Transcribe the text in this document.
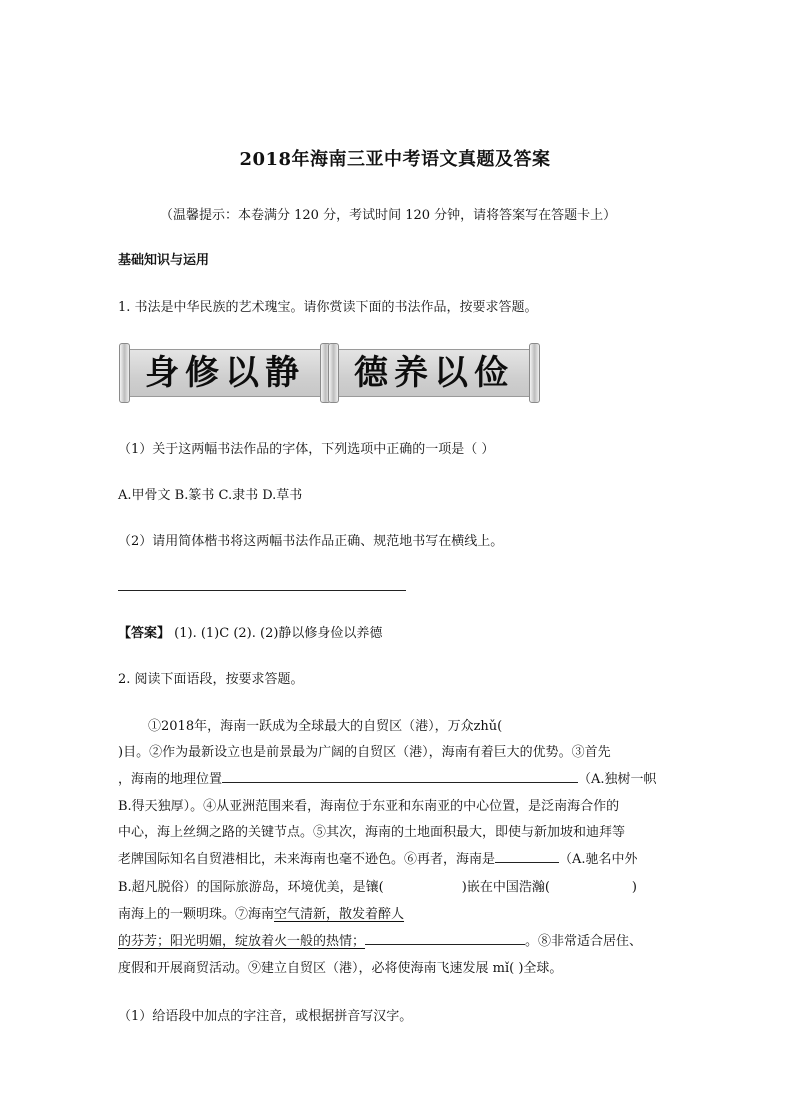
2018年海南三亚中考语文真题及答案
（温馨提示：本卷满分 120 分，考试时间 120 分钟，请将答案写在答题卡上）
基础知识与运用
1. 书法是中华民族的艺术瑰宝。请你赏读下面的书法作品，按要求答题。
身修以静	德养以俭
（1）关于这两幅书法作品的字体，下列选项中正确的一项是（ ）
A.甲骨文 B.篆书 C.隶书 D.草书
（2）请用简体楷书将这两幅书法作品正确、规范地书写在横线上。
【答案】 (1). (1)C (2). (2)静以修身俭以养德
2. 阅读下面语段，按要求答题。
①2018年，海南一跃成为全球最大的自贸区（港），万众zhǔ(
)目。②作为最新设立也是前景最为广阔的自贸区（港），海南有着巨大的优势。③首先
，海南的地理位置	（A.独树一帜
B.得天独厚）。④从亚洲范围来看，海南位于东亚和东南亚的中心位置，是泛南海合作的
中心，海上丝绸之路的关键节点。⑤其次，海南的土地面积最大，即使与新加坡和迪拜等
老牌国际知名自贸港相比，未来海南也毫不逊色。⑥再者，海南是	（A.驰名中外
B.超凡脱俗）的国际旅游岛，环境优美，是镶(	)嵌在中国浩瀚(	)
南海上的一颗明珠。⑦海南空气清新，散发着醉人
的芬芳；阳光明媚，绽放着火一般的热情；	。⑧非常适合居住、
度假和开展商贸活动。⑨建立自贸区（港），必将使海南飞速发展 mǐ( )全球。
（1）给语段中加点的字注音，或根据拼音写汉字。
